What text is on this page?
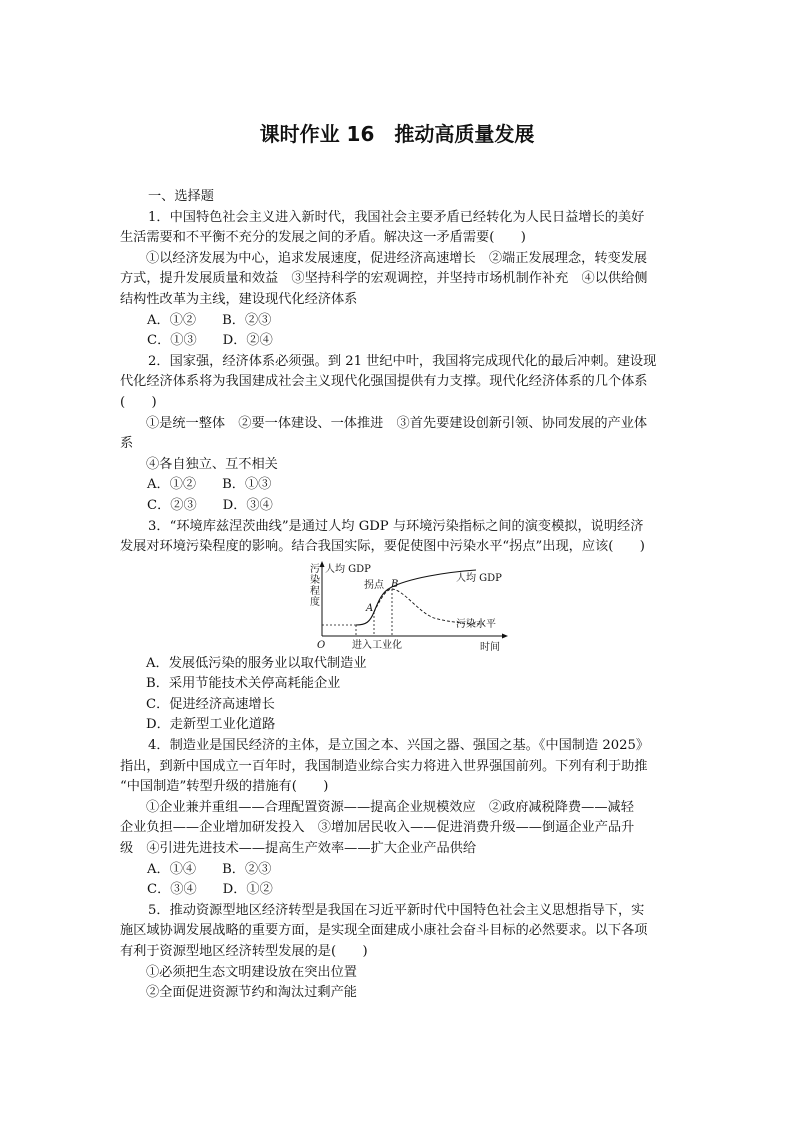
课时作业 16　推动高质量发展
一、选择题
1．中国特色社会主义进入新时代，我国社会主要矛盾已经转化为人民日益增长的美好
生活需要和不平衡不充分的发展之间的矛盾。解决这一矛盾需要(　　)
①以经济发展为中心，追求发展速度，促进经济高速增长　②端正发展理念，转变发展
方式，提升发展质量和效益　③坚持科学的宏观调控，并坚持市场机制作补充　④以供给侧
结构性改革为主线，建设现代化经济体系
A．①② B．②③
C．①③ D．②④
2．国家强，经济体系必须强。到 21 世纪中叶，我国将完成现代化的最后冲刺。建设现
代化经济体系将为我国建成社会主义现代化强国提供有力支撑。现代化经济体系的几个体系
(　　)
①是统一整体　②要一体建设、一体推进　③首先要建设创新引领、协同发展的产业体
系
④各自独立、互不相关
A．①② B．①③
C．②③ D．③④
3．“环境库兹涅茨曲线”是通过人均 GDP 与环境污染指标之间的演变模拟，说明经济
发展对环境污染程度的影响。结合我国实际，要促使图中污染水平“拐点”出现，应该(　　)
污
染
程
度
人均 GDP
人均 GDP
拐点 B
A
污染水平
O	进入工业化	时间
A．发展低污染的服务业以取代制造业
B．采用节能技术关停高耗能企业
C．促进经济高速增长
D．走新型工业化道路
4．制造业是国民经济的主体，是立国之本、兴国之器、强国之基。《中国制造 2025》
指出，到新中国成立一百年时，我国制造业综合实力将进入世界强国前列。下列有利于助推
“中国制造”转型升级的措施有(　　)
①企业兼并重组——合理配置资源——提高企业规模效应　②政府减税降费——减轻
企业负担——企业增加研发投入　③增加居民收入——促进消费升级——倒逼企业产品升
级　④引进先进技术——提高生产效率——扩大企业产品供给
A．①④ B．②③
C．③④ D．①②
5．推动资源型地区经济转型是我国在习近平新时代中国特色社会主义思想指导下，实
施区域协调发展战略的重要方面，是实现全面建成小康社会奋斗目标的必然要求。以下各项
有利于资源型地区经济转型发展的是(　　)
①必须把生态文明建设放在突出位置
②全面促进资源节约和淘汰过剩产能
